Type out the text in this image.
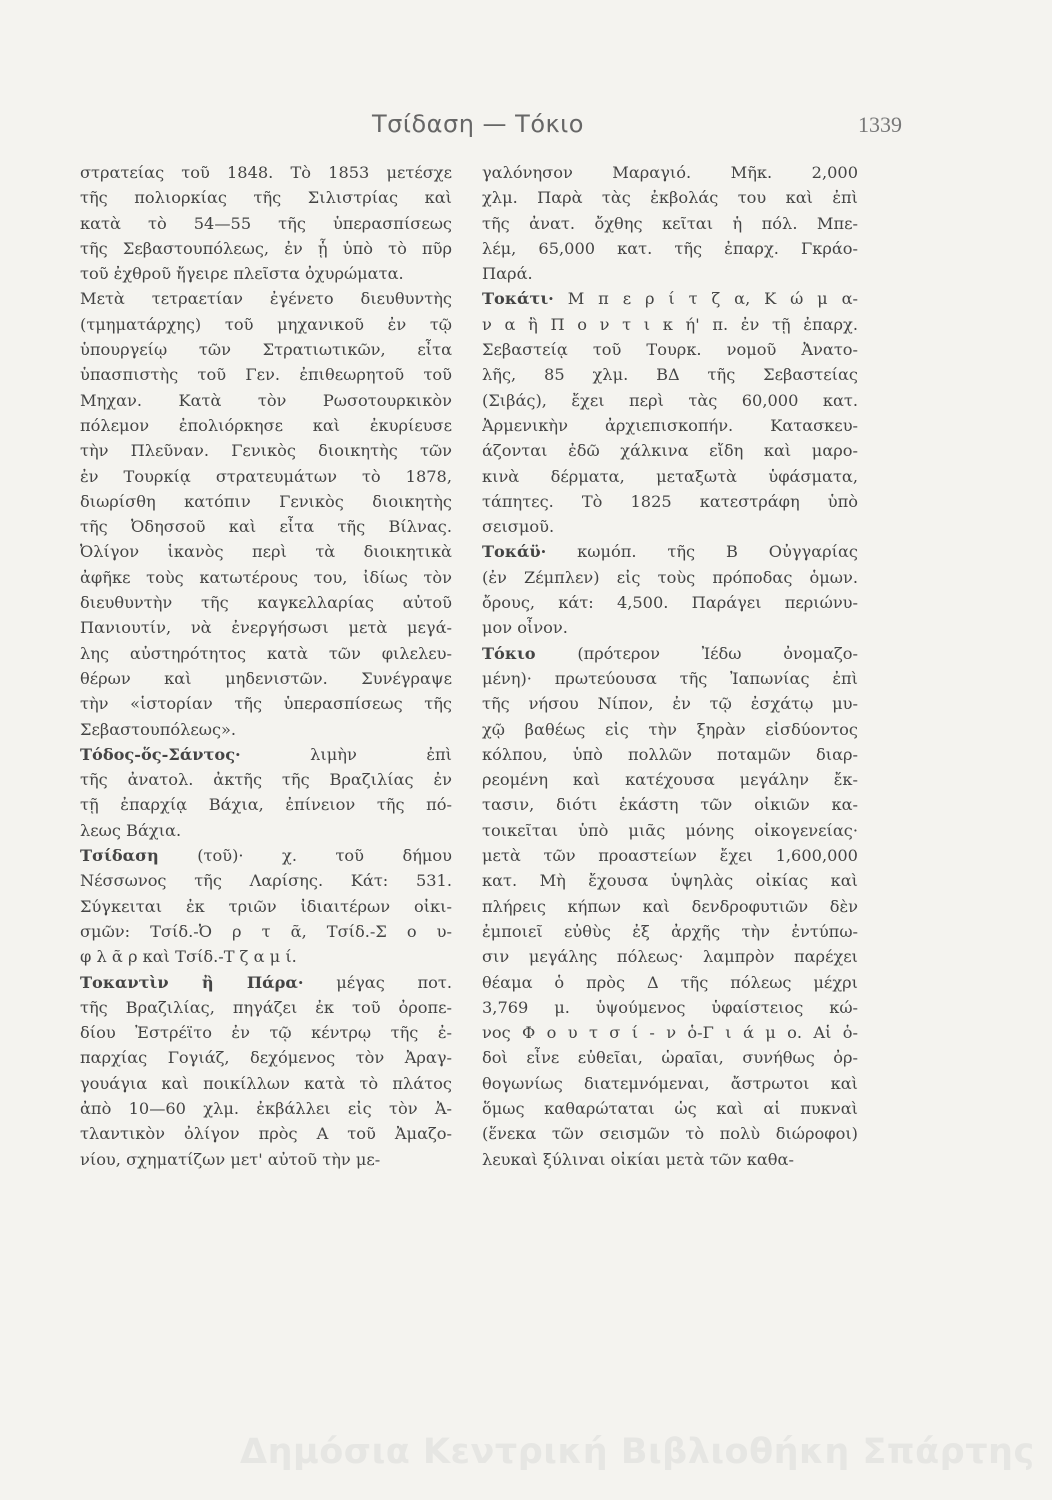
Τσίδαση — Τόκιο	1339
στρατείας τοῦ 1848. Τὸ 1853 μετέσχε
τῆς πολιορκίας τῆς Σιλιστρίας καὶ
κατὰ τὸ 54—55 τῆς ὑπερασπίσεως
τῆς Σεβαστουπόλεως, ἐν ᾗ ὑπὸ τὸ πῦρ
τοῦ ἐχθροῦ ἤγειρε πλεῖστα ὀχυρώματα.
Μετὰ τετραετίαν ἐγένετο διευθυντὴς
(τμηματάρχης) τοῦ μηχανικοῦ ἐν τῷ
ὑπουργείῳ τῶν Στρατιωτικῶν, εἶτα
ὑπασπιστὴς τοῦ Γεν. ἐπιθεωρητοῦ τοῦ
Μηχαν. Κατὰ τὸν Ρωσοτουρκικὸν
πόλεμον ἐπολιόρκησε καὶ ἐκυρίευσε
τὴν Πλεῦναν. Γενικὸς διοικητὴς τῶν
ἐν Τουρκίᾳ στρατευμάτων τὸ 1878,
διωρίσθη κατόπιν Γενικὸς διοικητὴς
τῆς Ὀδησσοῦ καὶ εἶτα τῆς Βίλνας.
Ὀλίγον ἱκανὸς περὶ τὰ διοικητικὰ
ἀφῆκε τοὺς κατωτέρους του, ἰδίως τὸν
διευθυντὴν τῆς καγκελλαρίας αὐτοῦ
Πανιουτίν, νὰ ἐνεργήσωσι μετὰ μεγά-
λης αὐστηρότητος κατὰ τῶν φιλελευ-
θέρων καὶ μηδενιστῶν. Συνέγραψε
τὴν «ἱστορίαν τῆς ὑπερασπίσεως τῆς
Σεβαστουπόλεως».
Τόδος-ὅς-Σάντος· λιμὴν ἐπὶ
τῆς ἀνατολ. ἀκτῆς τῆς Βραζιλίας ἐν
τῇ ἐπαρχίᾳ Βάχια, ἐπίνειον τῆς πό-
λεως Βάχια.
Τσίδαση (τοῦ)· χ. τοῦ δήμου
Νέσσωνος τῆς Λαρίσης. Κάτ: 531.
Σύγκειται ἐκ τριῶν ἰδιαιτέρων οἰκι-
σμῶν: Τσίδ.-Ὀ ρ τ ᾶ, Τσίδ.-Σ ο υ-
φ λ ᾶ ρ καὶ Τσίδ.-Τ ζ α μ ί.
Τοκαντὶν ἢ Πάρα· μέγας ποτ.
τῆς Βραζιλίας, πηγάζει ἐκ τοῦ ὀροπε-
δίου Ἐστρέϊτο ἐν τῷ κέντρῳ τῆς ἐ-
παρχίας Γογιάζ, δεχόμενος τὸν Ἀραγ-
γουάγια καὶ ποικίλλων κατὰ τὸ πλάτος
ἀπὸ 10—60 χλμ. ἐκβάλλει εἰς τὸν Ἀ-
τλαντικὸν ὀλίγον πρὸς Α τοῦ Ἀμαζο-
νίου, σχηματίζων μετ' αὐτοῦ τὴν με-
γαλόνησον Μαραγιό. Μῆκ. 2,000
χλμ. Παρὰ τὰς ἐκβολάς του καὶ ἐπὶ
τῆς ἀνατ. ὄχθης κεῖται ἡ πόλ. Μπε-
λέμ, 65,000 κατ. τῆς ἐπαρχ. Γκράο-
Παρά.
Τοκάτι· Μ π ε ρ ί τ ζ α, Κ ώ μ α-
ν α ἢ Π ο ν τ ι κ ή' π. ἐν τῇ ἐπαρχ.
Σεβαστείᾳ τοῦ Τουρκ. νομοῦ Ἀνατο-
λῆς, 85 χλμ. ΒΔ τῆς Σεβαστείας
(Σιβάς), ἔχει περὶ τὰς 60,000 κατ.
Ἀρμενικὴν ἀρχιεπισκοπήν. Κατασκευ-
άζονται ἐδῶ χάλκινα εἴδη καὶ μαρο-
κινὰ δέρματα, μεταξωτὰ ὑφάσματα,
τάπητες. Τὸ 1825 κατεστράφη ὑπὸ
σεισμοῦ.
Τοκάϋ· κωμόπ. τῆς Β Οὐγγαρίας
(ἐν Ζέμπλεν) εἰς τοὺς πρόποδας ὁμων.
ὄρους, κάτ: 4,500. Παράγει περιώνυ-
μον οἶνον.
Τόκιο (πρότερον Ἰέδω ὀνομαζο-
μένη)· πρωτεύουσα τῆς Ἰαπωνίας ἐπὶ
τῆς νήσου Νίπον, ἐν τῷ ἐσχάτῳ μυ-
χῷ βαθέως εἰς τὴν ξηρὰν εἰσδύοντος
κόλπου, ὑπὸ πολλῶν ποταμῶν διαρ-
ρεομένη καὶ κατέχουσα μεγάλην ἔκ-
τασιν, διότι ἑκάστη τῶν οἰκιῶν κα-
τοικεῖται ὑπὸ μιᾶς μόνης οἰκογενείας·
μετὰ τῶν προαστείων ἔχει 1,600,000
κατ. Μὴ ἔχουσα ὑψηλὰς οἰκίας καὶ
πλήρεις κήπων καὶ δενδροφυτιῶν δὲν
ἐμποιεῖ εὐθὺς ἐξ ἀρχῆς τὴν ἐντύπω-
σιν μεγάλης πόλεως· λαμπρὸν παρέχει
θέαμα ὁ πρὸς Δ τῆς πόλεως μέχρι
3,769 μ. ὑψούμενος ὑφαίστειος κώ-
νος Φ ο υ τ σ ί - ν ὁ-Γ ι ά μ ο. Αἱ ὁ-
δοὶ εἶνε εὐθεῖαι, ὡραῖαι, συνήθως ὀρ-
θογωνίως διατεμνόμεναι, ἄστρωτοι καὶ
ὅμως καθαρώταται ὡς καὶ αἱ πυκναὶ
(ἕνεκα τῶν σεισμῶν τὸ πολὺ διώροφοι)
λευκαὶ ξύλιναι οἰκίαι μετὰ τῶν καθα-
Δημόσια Κεντρική Βιβλιοθήκη Σπάρτης
